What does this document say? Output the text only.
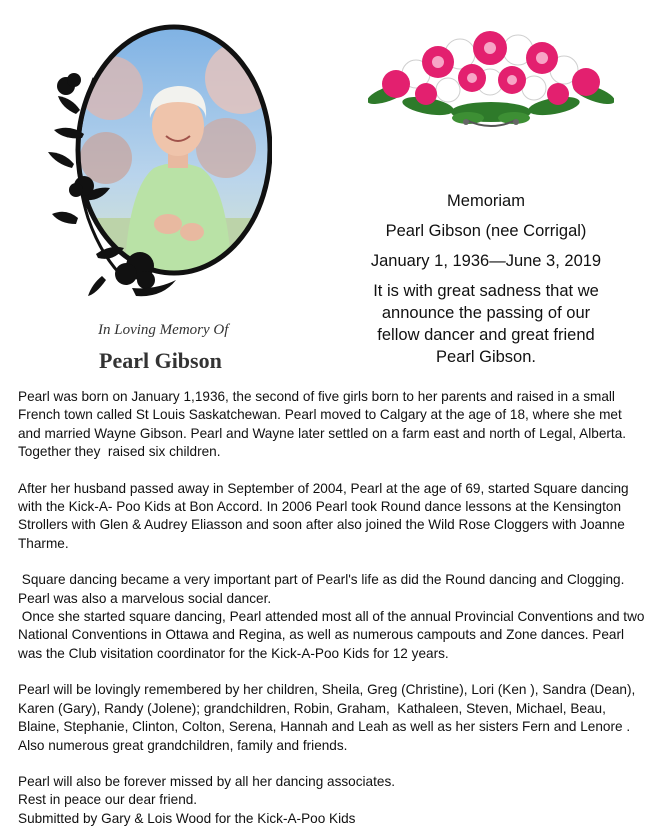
In Loving Memory Of
Pearl Gibson
Memoriam
Pearl Gibson (nee Corrigal)
January 1, 1936—June 3, 2019
It is with great sadness that we
announce the passing of our
fellow dancer and great friend
Pearl Gibson.

Pearl was born on January 1,1936, the second of five girls born to her parents and raised in a small French town called St Louis Saskatchewan. Pearl moved to Calgary at the age of 18, where she met and married Wayne Gibson. Pearl and Wayne later settled on a farm east and north of Legal, Alberta.  Together they  raised six children.

After her husband passed away in September of 2004, Pearl at the age of 69, started Square dancing with the Kick-A- Poo Kids at Bon Accord. In 2006 Pearl took Round dance lessons at the Kensington Strollers with Glen & Audrey Eliasson and soon after also joined the Wild Rose Cloggers with Joanne Tharme.

Square dancing became a very important part of Pearl's life as did the Round dancing and Clogging.  Pearl was also a marvelous social dancer.

Once she started square dancing, Pearl attended most all of the annual Provincial Conventions and two National Conventions in Ottawa and Regina, as well as numerous campouts and Zone dances. Pearl was the Club visitation coordinator for the Kick-A-Poo Kids for 12 years.

Pearl will be lovingly remembered by her children, Sheila, Greg (Christine), Lori (Ken ), Sandra (Dean), Karen (Gary), Randy (Jolene); grandchildren, Robin, Graham,  Kathaleen, Steven, Michael, Beau, Blaine, Stephanie, Clinton, Colton, Serena, Hannah and Leah as well as her sisters Fern and Lenore . Also numerous great grandchildren, family and friends.

Pearl will also be forever missed by all her dancing associates.

Rest in peace our dear friend.

Submitted by Gary & Lois Wood for the Kick-A-Poo Kids
